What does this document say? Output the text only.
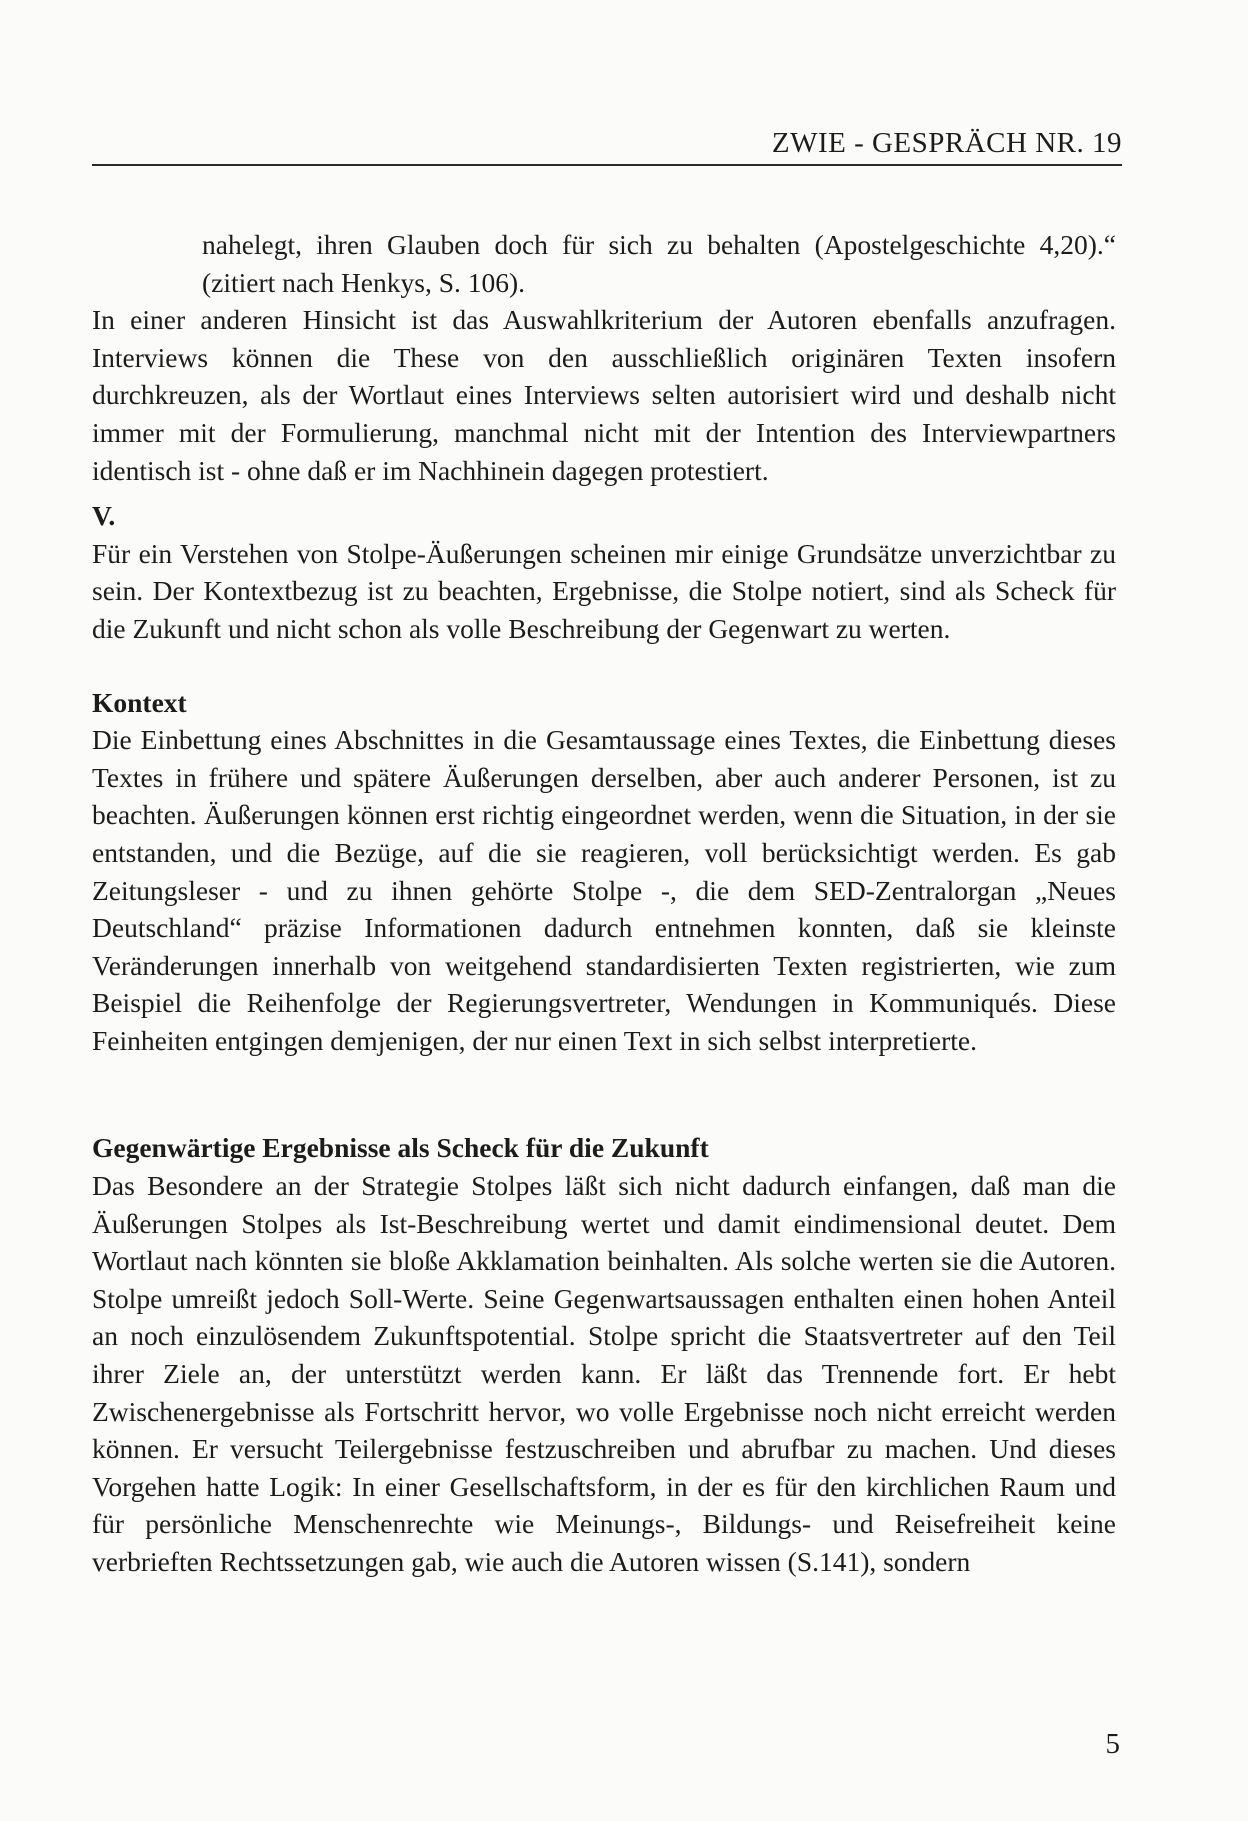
ZWIE - GESPRÄCH NR. 19

nahelegt, ihren Glauben doch für sich zu behalten (Apostelgeschichte 4,20).“ (zitiert nach Henkys, S. 106).

In einer anderen Hinsicht ist das Auswahlkriterium der Autoren ebenfalls anzufragen. Interviews können die These von den ausschließlich originären Texten insofern durchkreuzen, als der Wortlaut eines Interviews selten autorisiert wird und deshalb nicht immer mit der Formulierung, manchmal nicht mit der Intention des Interviewpartners identisch ist - ohne daß er im Nachhinein dagegen protestiert.

V.

Für ein Verstehen von Stolpe-Äußerungen scheinen mir einige Grundsätze unverzichtbar zu sein. Der Kontextbezug ist zu beachten, Ergebnisse, die Stolpe notiert, sind als Scheck für die Zukunft und nicht schon als volle Beschreibung der Gegenwart zu werten.

Kontext

Die Einbettung eines Abschnittes in die Gesamtaussage eines Textes, die Einbettung dieses Textes in frühere und spätere Äußerungen derselben, aber auch anderer Personen, ist zu beachten. Äußerungen können erst richtig eingeordnet werden, wenn die Situation, in der sie entstanden, und die Bezüge, auf die sie reagieren, voll berücksichtigt werden. Es gab Zeitungsleser - und zu ihnen gehörte Stolpe -, die dem SED-Zentralorgan „Neues Deutschland“ präzise Informationen dadurch entnehmen konnten, daß sie kleinste Veränderungen innerhalb von weitgehend standardisierten Texten registrierten, wie zum Beispiel die Reihenfolge der Regierungsvertreter, Wendungen in Kommuniqués. Diese Feinheiten entgingen demjenigen, der nur einen Text in sich selbst interpretierte.

Gegenwärtige Ergebnisse als Scheck für die Zukunft

Das Besondere an der Strategie Stolpes läßt sich nicht dadurch einfangen, daß man die Äußerungen Stolpes als Ist-Beschreibung wertet und damit eindimensional deutet. Dem Wortlaut nach könnten sie bloße Akklamation beinhalten. Als solche werten sie die Autoren. Stolpe umreißt jedoch Soll-Werte. Seine Gegenwartsaussagen enthalten einen hohen Anteil an noch einzulösendem Zukunftspotential. Stolpe spricht die Staatsvertreter auf den Teil ihrer Ziele an, der unterstützt werden kann. Er läßt das Trennende fort. Er hebt Zwischenergebnisse als Fortschritt hervor, wo volle Ergebnisse noch nicht erreicht werden können. Er versucht Teilergebnisse festzuschreiben und abrufbar zu machen. Und dieses Vorgehen hatte Logik: In einer Gesellschaftsform, in der es für den kirchlichen Raum und für persönliche Menschenrechte wie Meinungs-, Bildungs- und Reisefreiheit keine verbrieften Rechtssetzungen gab, wie auch die Autoren wissen (S.141), sondern

5
